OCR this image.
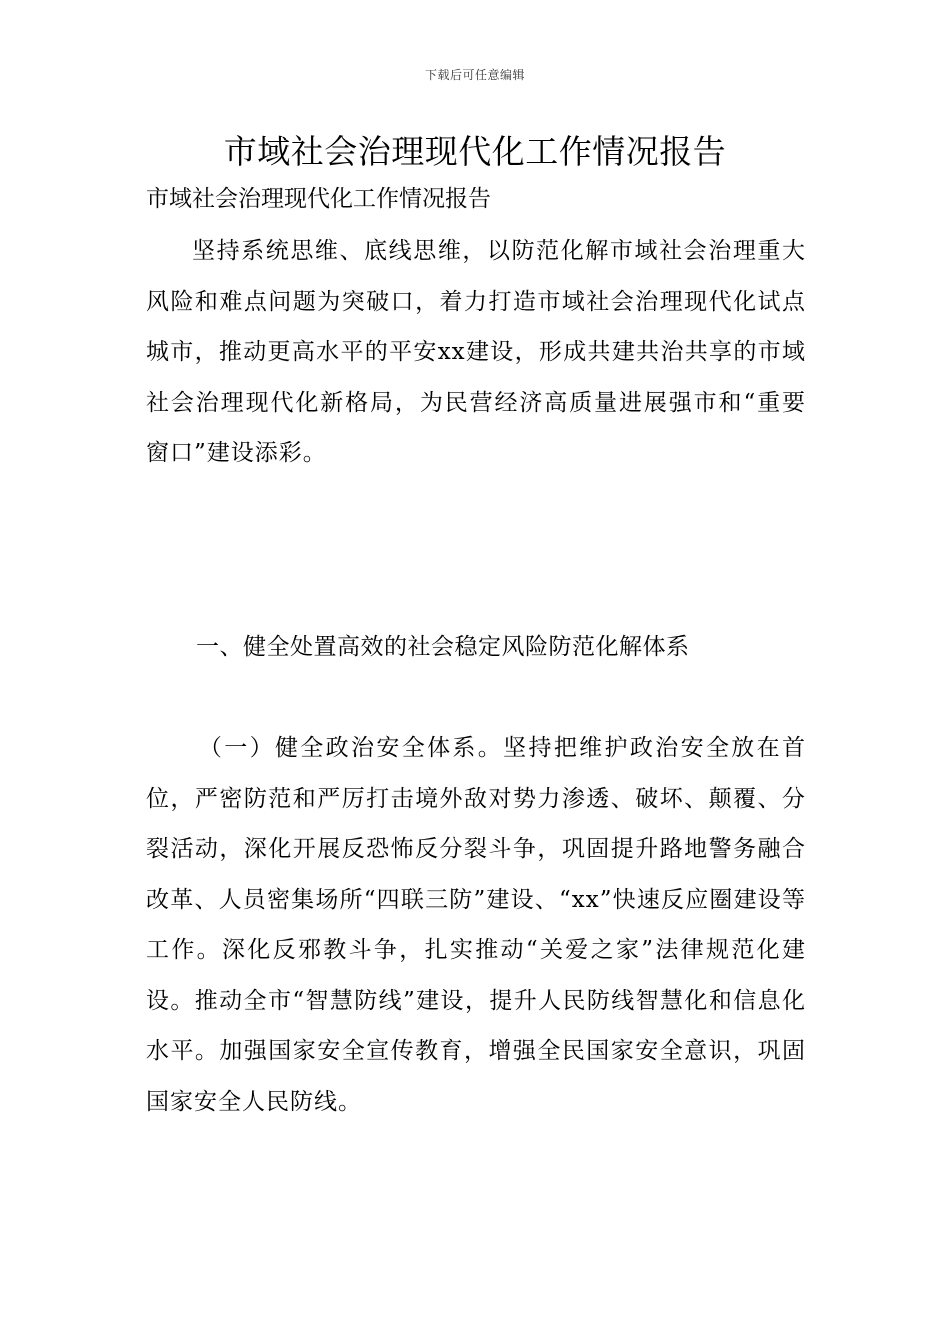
下载后可任意编辑
市域社会治理现代化工作情况报告

市域社会治理现代化工作情况报告

坚持系统思维、底线思维，以防范化解市域社会治理重大风险和难点问题为突破口，着力打造市域社会治理现代化试点城市，推动更高水平的平安xx建设，形成共建共治共享的市域社会治理现代化新格局，为民营经济高质量进展强市和“重要窗口”建设添彩。

一、健全处置高效的社会稳定风险防范化解体系

（一）健全政治安全体系。坚持把维护政治安全放在首位，严密防范和严厉打击境外敌对势力渗透、破坏、颠覆、分裂活动，深化开展反恐怖反分裂斗争，巩固提升路地警务融合改革、人员密集场所“四联三防”建设、“xx”快速反应圈建设等工作。深化反邪教斗争，扎实推动“关爱之家”法律规范化建设。推动全市“智慧防线”建设，提升人民防线智慧化和信息化水平。加强国家安全宣传教育，增强全民国家安全意识，巩固国家安全人民防线。
